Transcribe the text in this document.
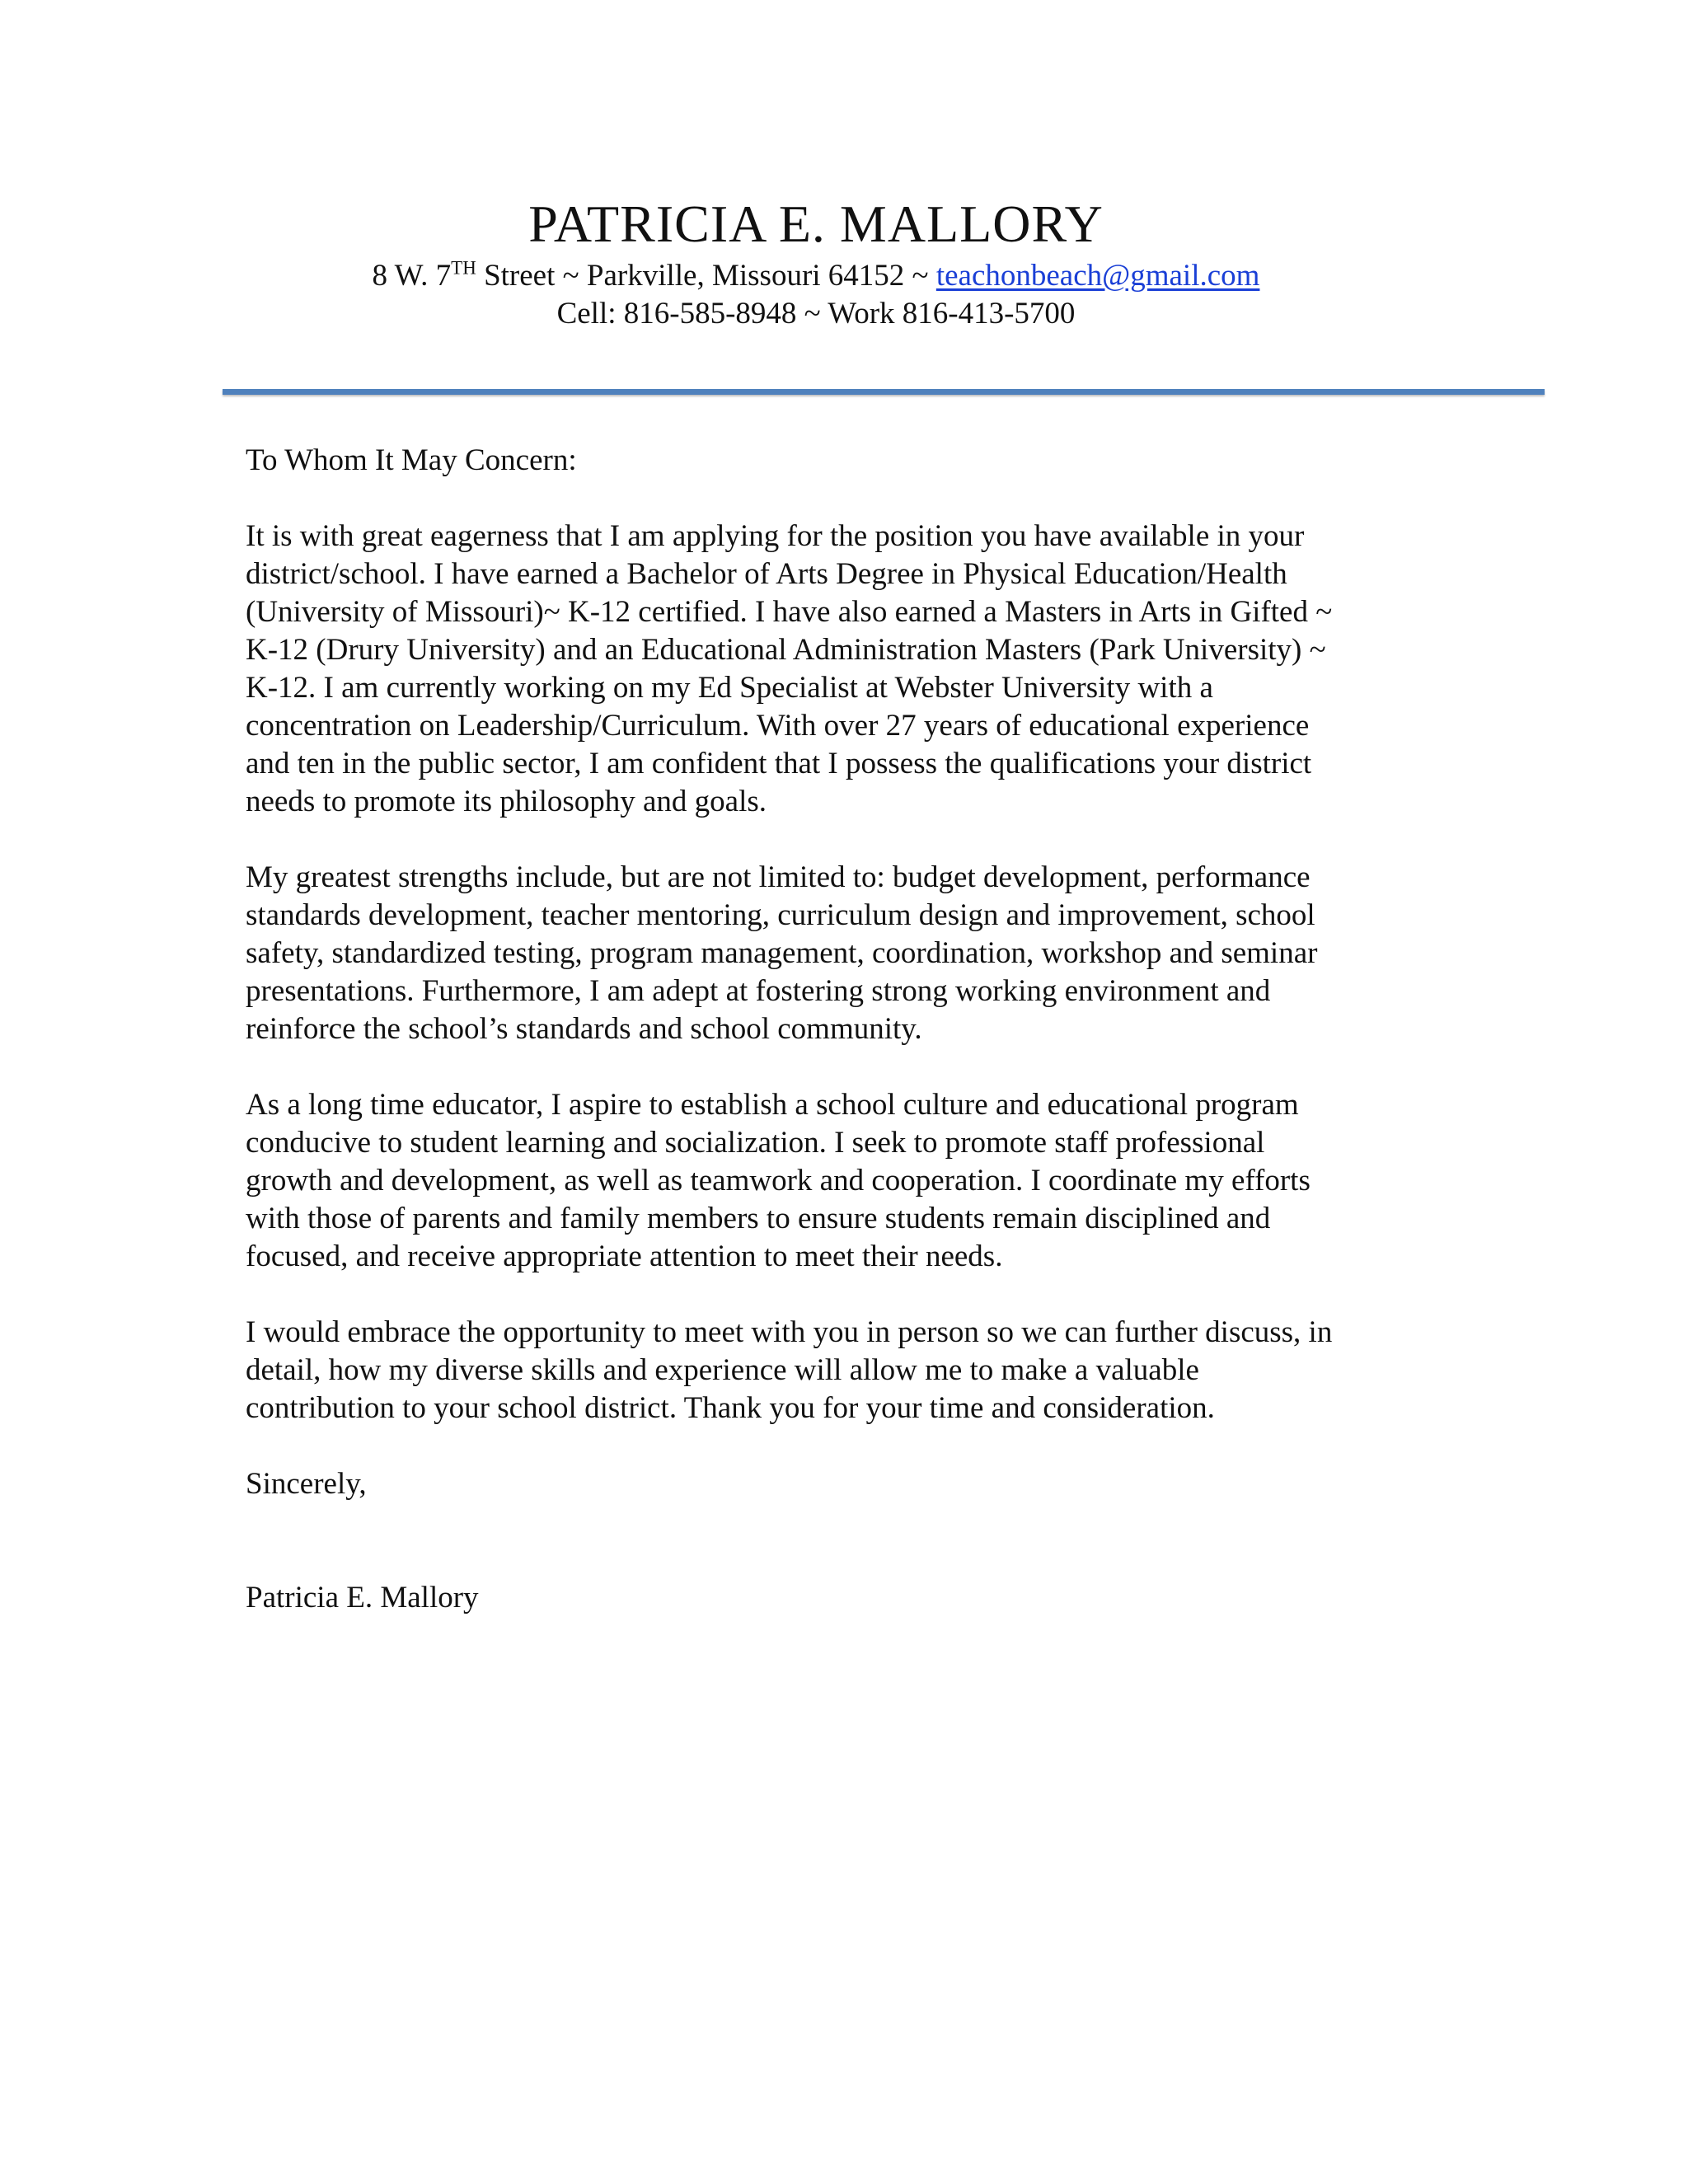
PATRICIA E. MALLORY

8 W. 7TH Street ~ Parkville, Missouri 64152 ~ teachonbeach@gmail.com

Cell: 816-585-8948 ~ Work 816-413-5700

To Whom It May Concern:

It is with great eagerness that I am applying for the position you have available in your
district/school. I have earned a Bachelor of Arts Degree in Physical Education/Health
(University of Missouri)~ K-12 certified. I have also earned a Masters in Arts in Gifted ~
K-12 (Drury University) and an Educational Administration Masters (Park University) ~
K-12. I am currently working on my Ed Specialist at Webster University with a
concentration on Leadership/Curriculum. With over 27 years of educational experience
and ten in the public sector, I am confident that I possess the qualifications your district
needs to promote its philosophy and goals.

My greatest strengths include, but are not limited to: budget development, performance
standards development, teacher mentoring, curriculum design and improvement, school
safety, standardized testing, program management, coordination, workshop and seminar
presentations. Furthermore, I am adept at fostering strong working environment and
reinforce the school’s standards and school community.

As a long time educator, I aspire to establish a school culture and educational program
conducive to student learning and socialization. I seek to promote staff professional
growth and development, as well as teamwork and cooperation. I coordinate my efforts
with those of parents and family members to ensure students remain disciplined and
focused, and receive appropriate attention to meet their needs.

I would embrace the opportunity to meet with you in person so we can further discuss, in
detail, how my diverse skills and experience will allow me to make a valuable
contribution to your school district. Thank you for your time and consideration.

Sincerely,

Patricia E. Mallory
